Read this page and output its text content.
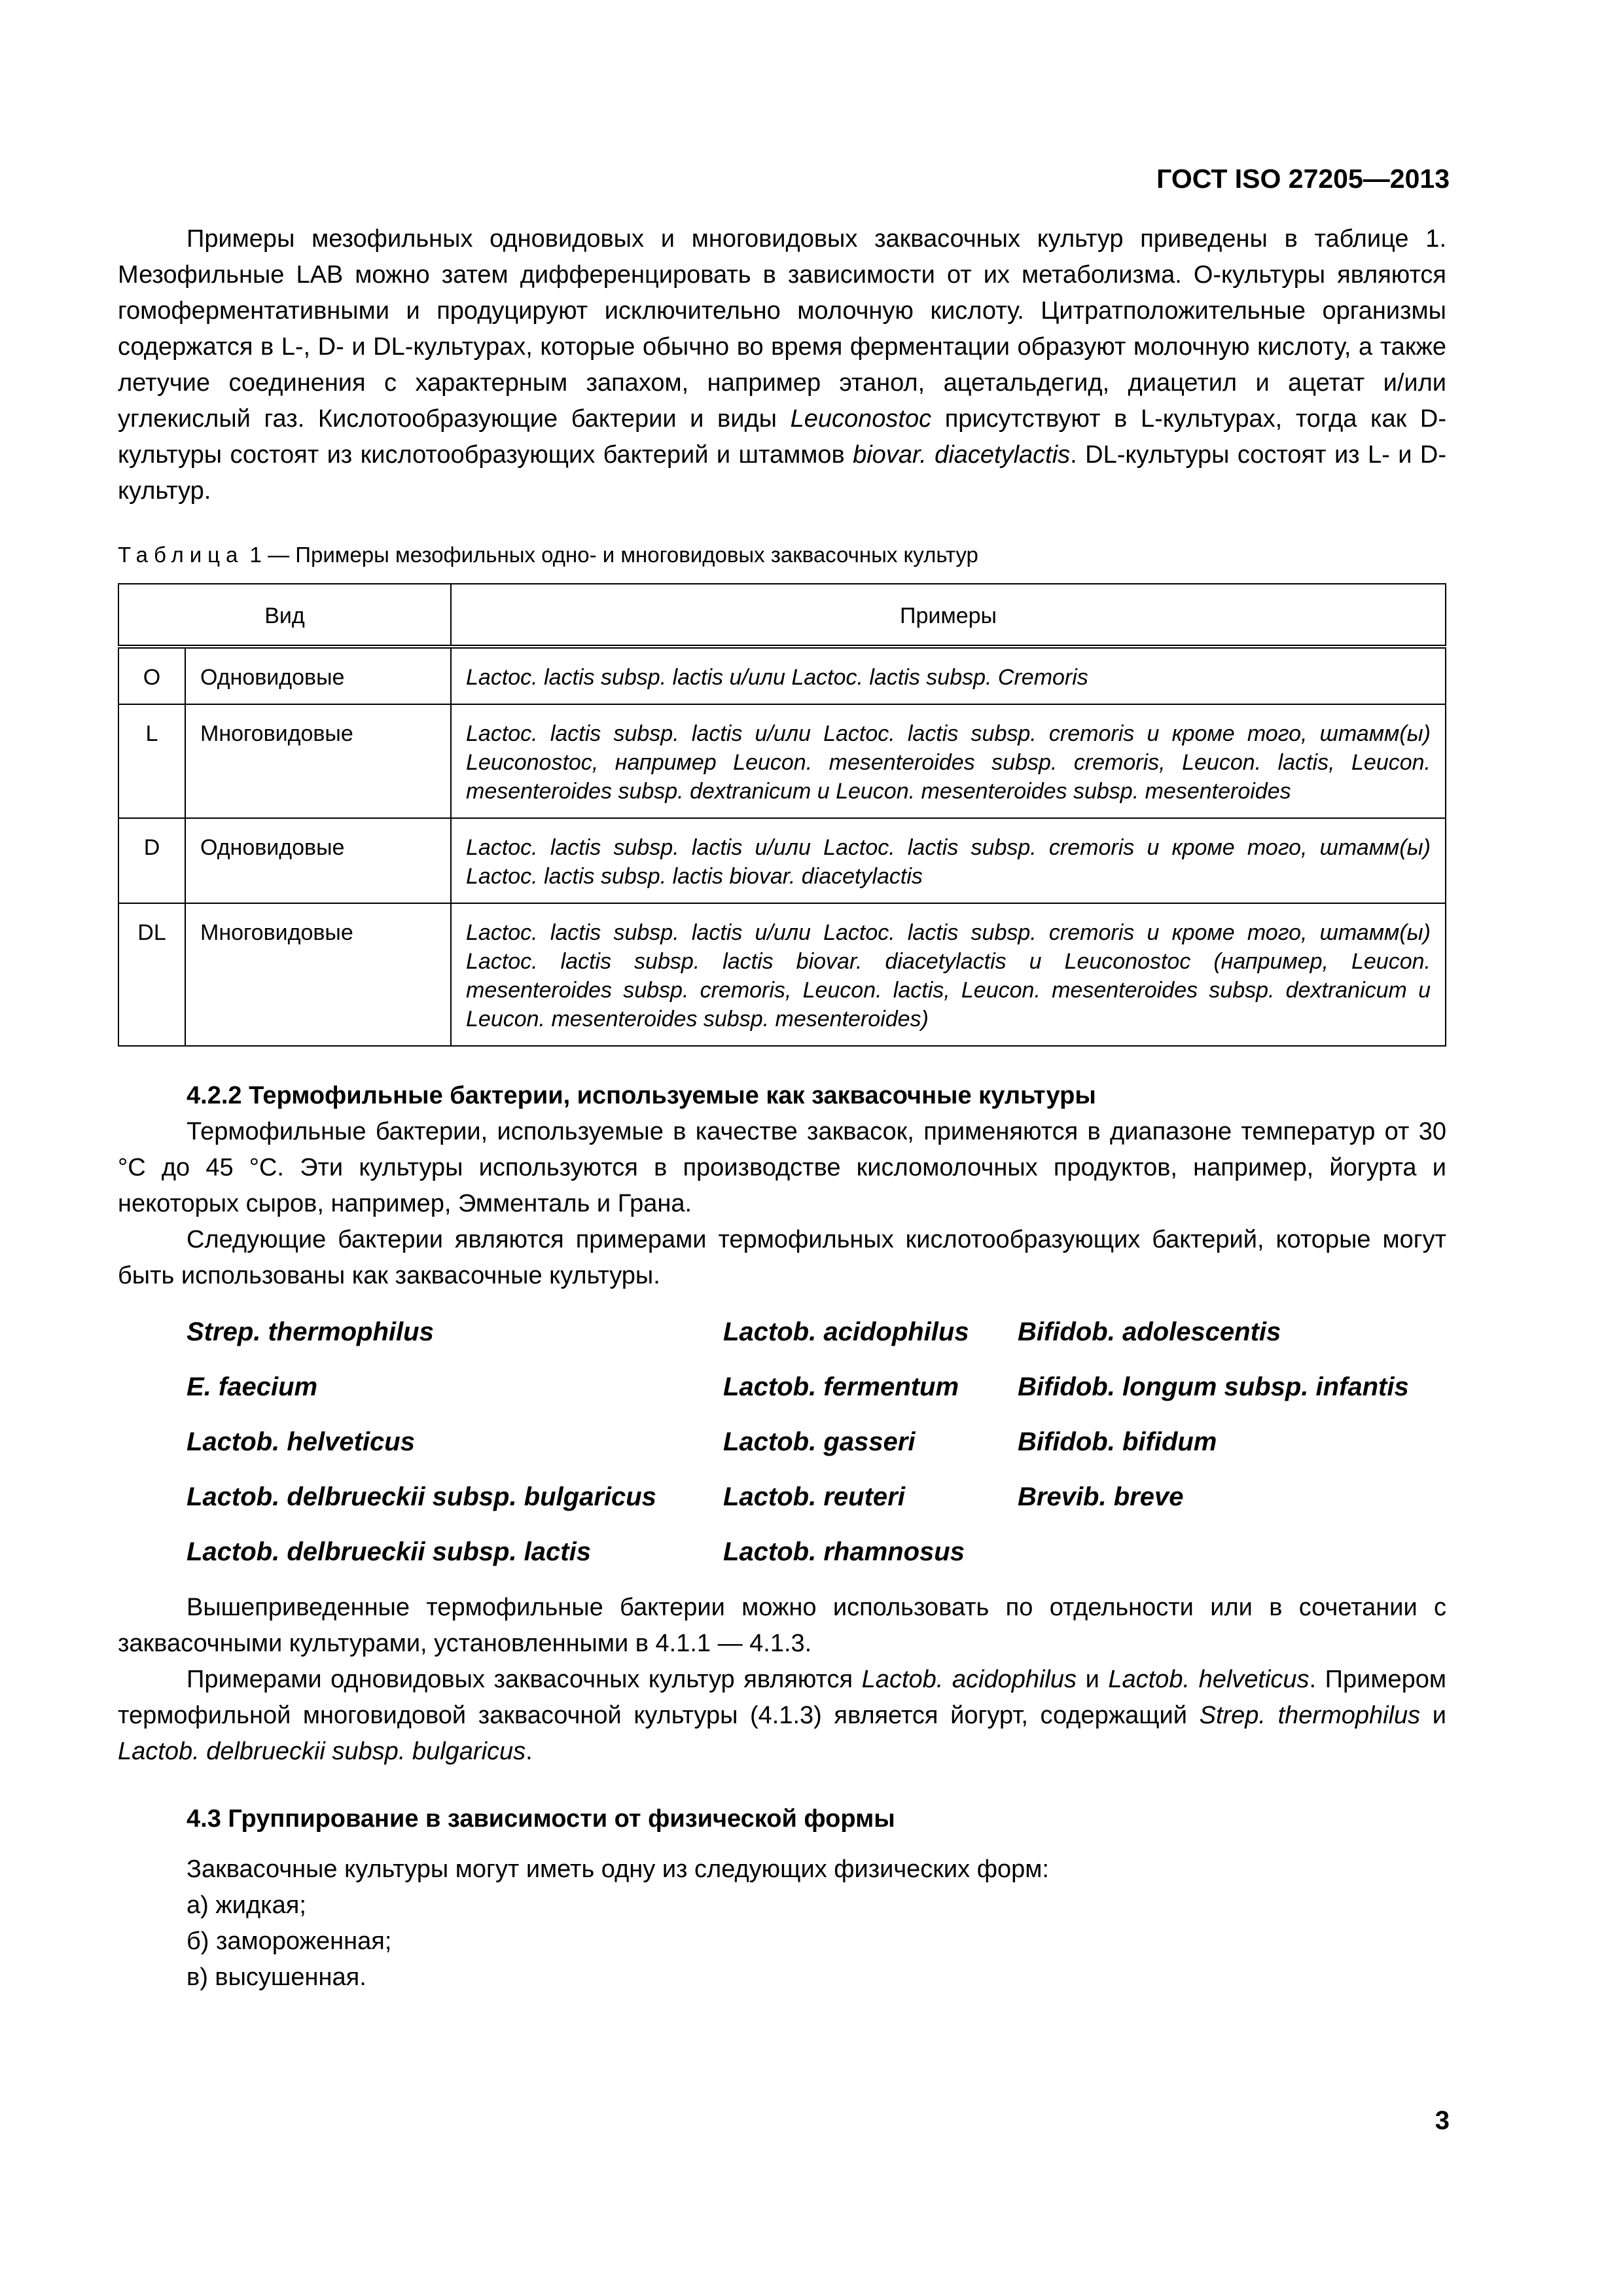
ГОСТ ISO 27205—2013

Примеры мезофильных одновидовых и многовидовых заквасочных культур приведены в таблице 1. Мезофильные LAB можно затем дифференцировать в зависимости от их метаболизма. О-культуры являются гомоферментативными и продуцируют исключительно молочную кислоту. Цитратположительные организмы содержатся в L-, D- и DL-культурах, которые обычно во время ферментации образуют молочную кислоту, а также летучие соединения с характерным запахом, например этанол, ацетальдегид, диацетил и ацетат и/или углекислый газ. Кислотообразующие бактерии и виды Leuconostoc присутствуют в L-культурах, тогда как D-культуры состоят из кислотообразующих бактерий и штаммов biovar. diacetylactis. DL-культуры состоят из L- и D-культур.

Таблица 1 — Примеры мезофильных одно- и многовидовых заквасочных культур
Вид		Примеры
O	Одновидовые	Lactoc. lactis subsp. lactis и/или Lactoc. lactis subsp. Cremoris
L	Многовидовые	Lactoc. lactis subsp. lactis и/или Lactoc. lactis subsp. cremoris и кроме того, штамм(ы) Leuconostoc, например Leucon. mesenteroides subsp. cremoris, Leucon. lactis, Leucon. mesenteroides subsp. dextranicum и Leucon. mesenteroides subsp. mesenteroides
D	Одновидовые	Lactoc. lactis subsp. lactis и/или Lactoc. lactis subsp. cremoris и кроме того, штамм(ы) Lactoc. lactis subsp. lactis biovar. diacetylactis
DL	Многовидовые	Lactoc. lactis subsp. lactis и/или Lactoc. lactis subsp. cremoris и кроме того, штамм(ы) Lactoc. lactis subsp. lactis biovar. diacetylactis и Leuconostoc (например, Leucon. mesenteroides subsp. cremoris, Leucon. lactis, Leucon. mesenteroides subsp. dextranicum и Leucon. mesenteroides subsp. mesenteroides)

4.2.2 Термофильные бактерии, используемые как заквасочные культуры

Термофильные бактерии, используемые в качестве заквасок, применяются в диапазоне температур от 30 °С до 45 °С. Эти культуры используются в производстве кисломолочных продуктов, например, йогурта и некоторых сыров, например, Эмменталь и Грана.

Следующие бактерии являются примерами термофильных кислотообразующих бактерий, которые могут быть использованы как заквасочные культуры.

Strep. thermophilus	Lactob. acidophilus	Bifidob. adolescentis
E. faecium	Lactob. fermentum	Bifidob. longum subsp. infantis
Lactob. helveticus	Lactob. gasseri	Bifidob. bifidum
Lactob. delbrueckii subsp. bulgaricus	Lactob. reuteri	Brevib. breve
Lactob. delbrueckii subsp. lactis	Lactob. rhamnosus

Вышеприведенные термофильные бактерии можно использовать по отдельности или в сочетании с заквасочными культурами, установленными в 4.1.1 — 4.1.3.

Примерами одновидовых заквасочных культур являются Lactob. acidophilus и Lactob. helveticus. Примером термофильной многовидовой заквасочной культуры (4.1.3) является йогурт, содержащий Strep. thermophilus и Lactob. delbrueckii subsp. bulgaricus.

4.3 Группирование в зависимости от физической формы

Заквасочные культуры могут иметь одну из следующих физических форм:

а) жидкая;
б) замороженная;
в) высушенная.
3
